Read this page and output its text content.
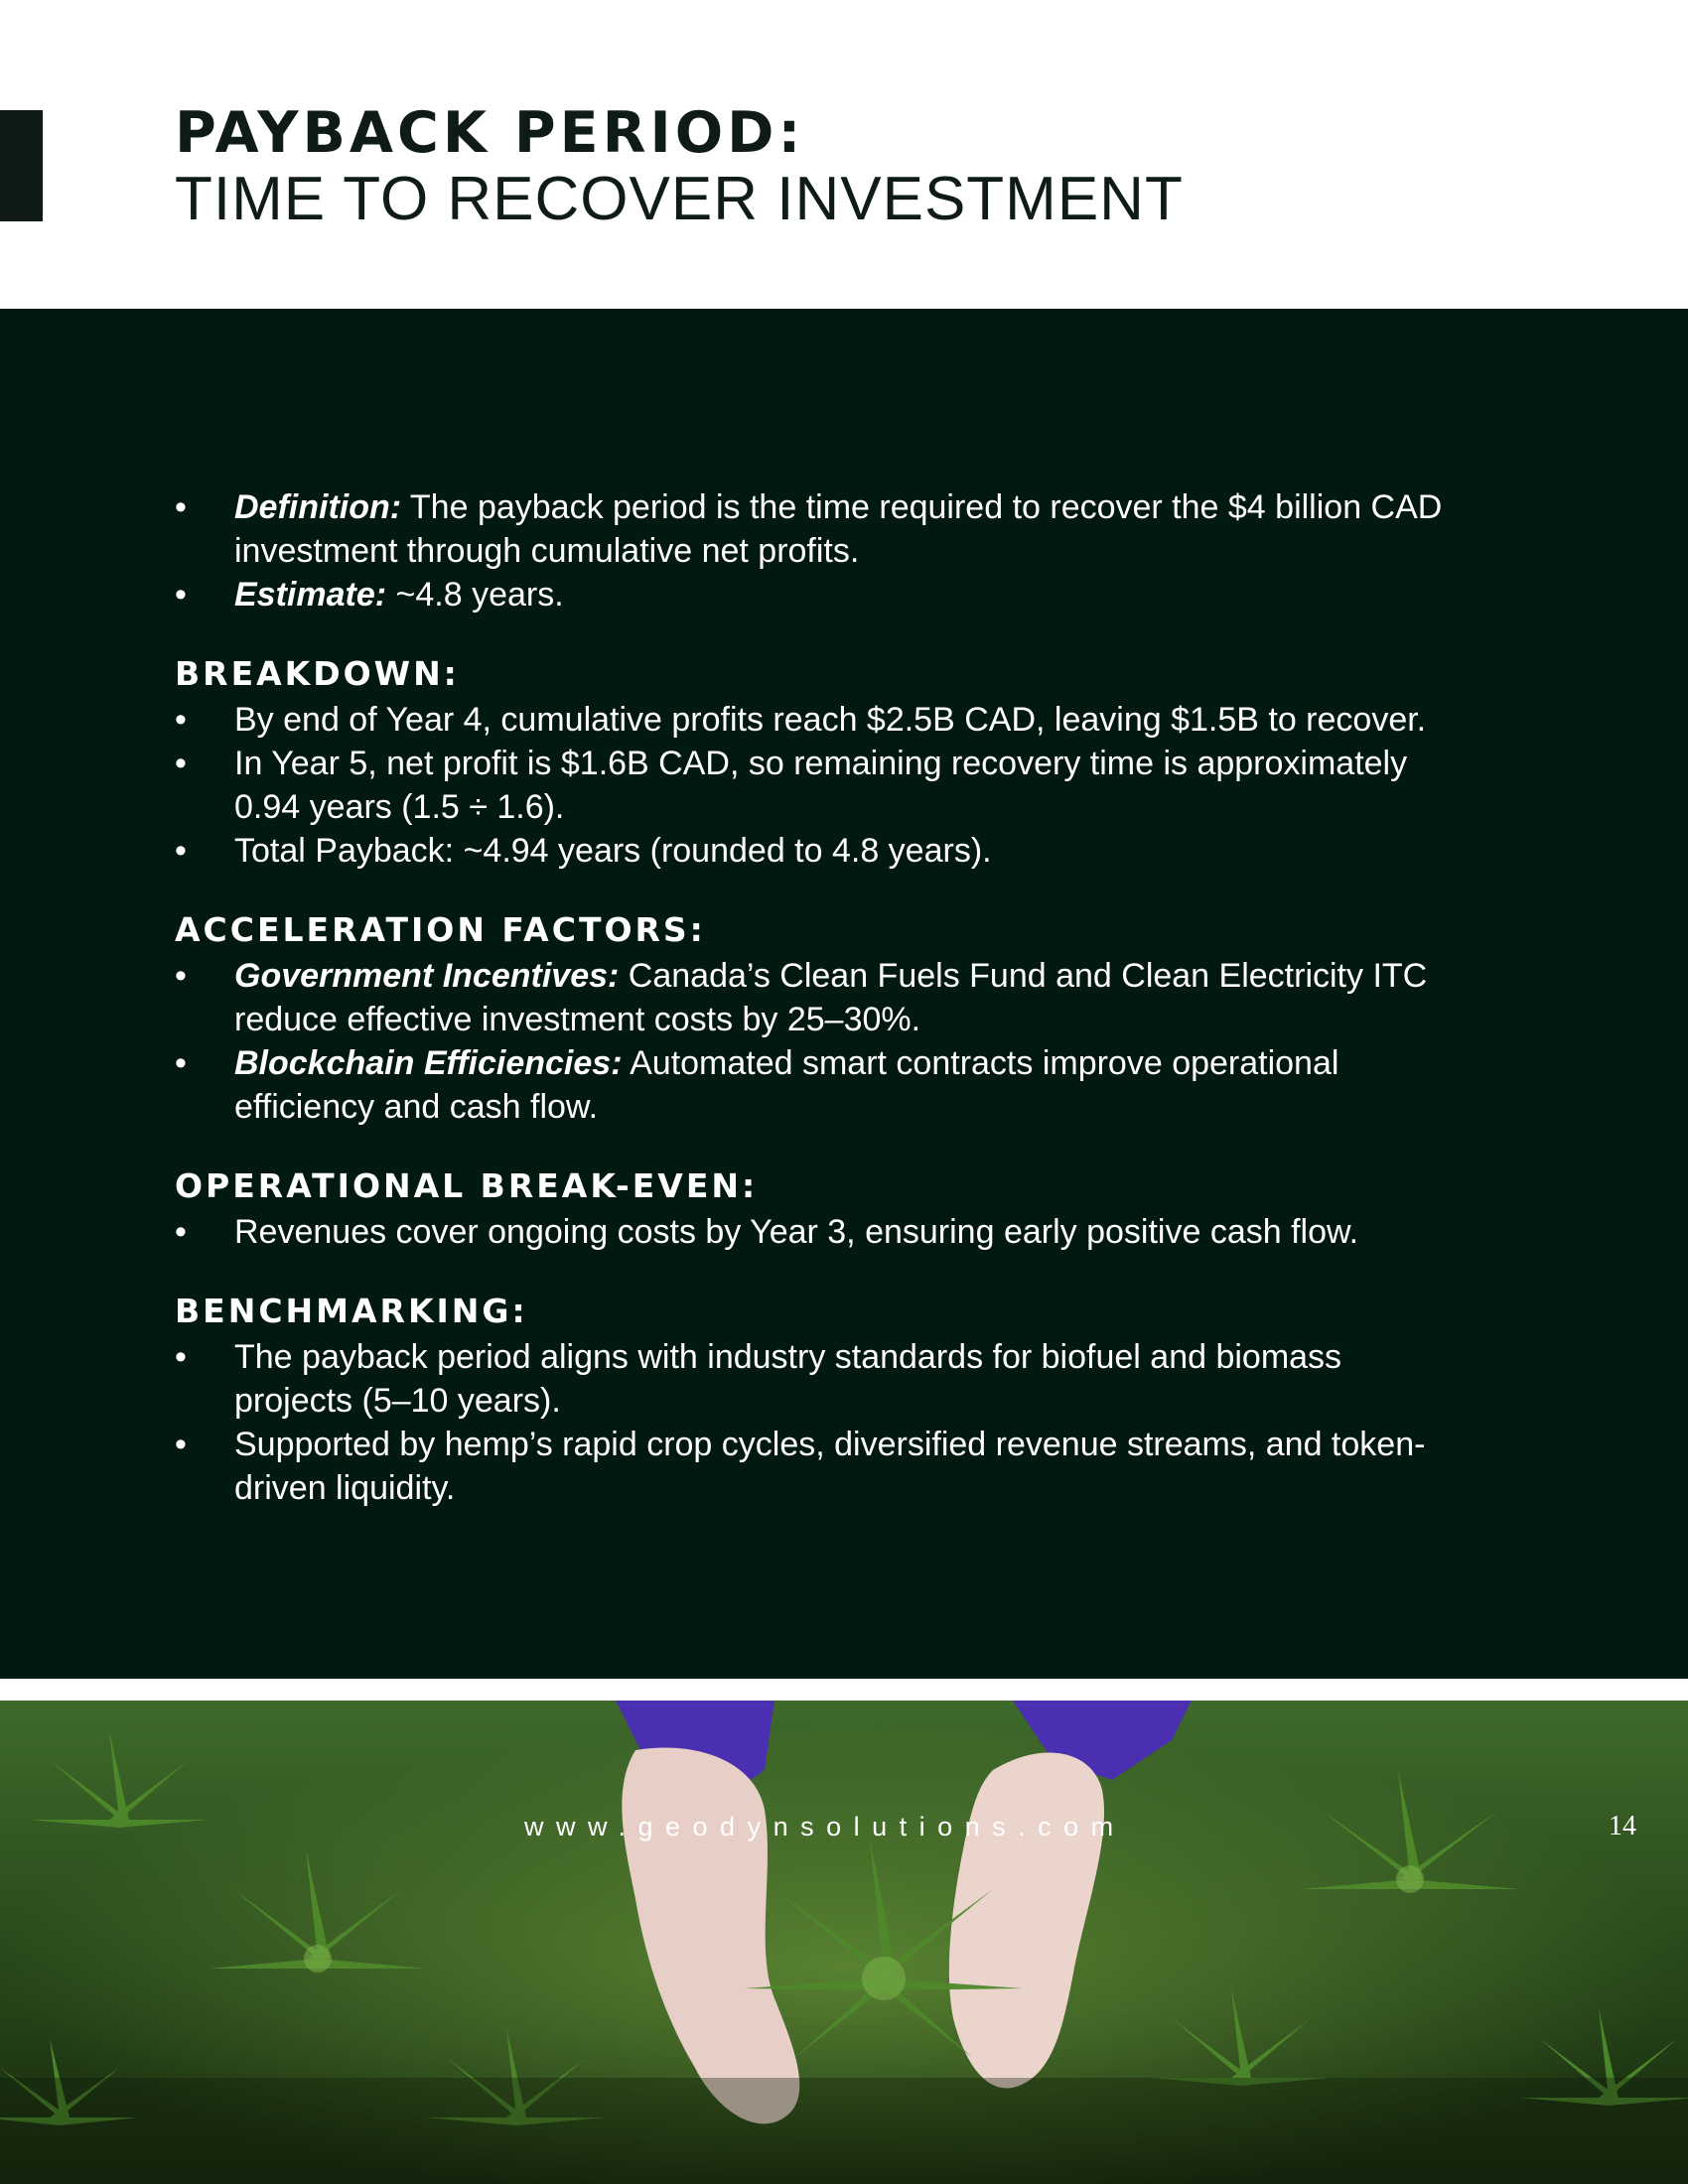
PAYBACK PERIOD:
TIME TO RECOVER INVESTMENT
• Definition: The payback period is the time required to recover the $4 billion CAD investment through cumulative net profits.
• Estimate: ~4.8 years.
BREAKDOWN:
• By end of Year 4, cumulative profits reach $2.5B CAD, leaving $1.5B to recover.
• In Year 5, net profit is $1.6B CAD, so remaining recovery time is approximately 0.94 years (1.5 ÷ 1.6).
• Total Payback: ~4.94 years (rounded to 4.8 years).
ACCELERATION FACTORS:
• Government Incentives: Canada’s Clean Fuels Fund and Clean Electricity ITC reduce effective investment costs by 25–30%.
• Blockchain Efficiencies: Automated smart contracts improve operational efficiency and cash flow.
OPERATIONAL BREAK-EVEN:
• Revenues cover ongoing costs by Year 3, ensuring early positive cash flow.
BENCHMARKING:
• The payback period aligns with industry standards for biofuel and biomass projects (5–10 years).
• Supported by hemp’s rapid crop cycles, diversified revenue streams, and token-driven liquidity.

www.geodynsolutions.com	14
